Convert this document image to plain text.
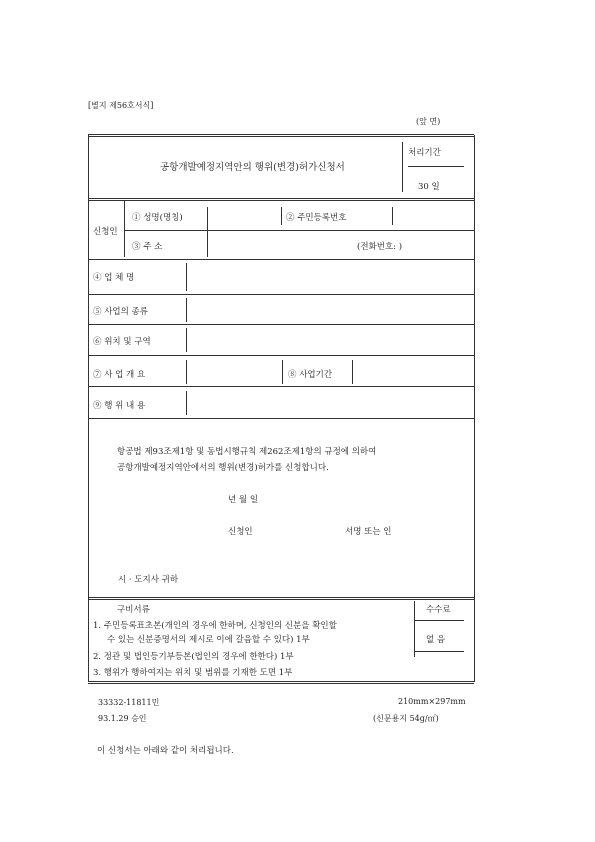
[별지 제56호서식]
(앞 면)
공항개발예정지역안의 행위(변경)허가신청서
처리기간
30 일
신청인
① 성명(명칭)	② 주민등록번호
③ 주 소	(전화번호: )
④ 업 체 명
⑤ 사업의 종류
⑥ 위치 및 구역
⑦ 사 업 개 요	⑧ 사업기간
⑨ 행 위 내 용
항공법 제93조제1항 및 동법시행규칙 제262조제1항의 규정에 의하여
공항개발예정지역안에서의 행위(변경)허가를 신청합니다.
년 월 일
신청인	서명 또는 인
시 · 도지사 귀하
구비서류	수수료
없 음
1. 주민등록표초본(개인의 경우에 한하며, 신청인의 신분을 확인할
수 있는 신분증명서의 제시로 이에 갈음할 수 있다) 1부
2. 정관 및 법인등기부등본(법인의 경우에 한한다) 1부
3. 행위가 행하여지는 위치 및 범위를 기재한 도면 1부
33332-11811민
93.1.29 승인
210mm×297mm
(신문용지 54g/㎡)
이 신청서는 아래와 같이 처리됩니다.
